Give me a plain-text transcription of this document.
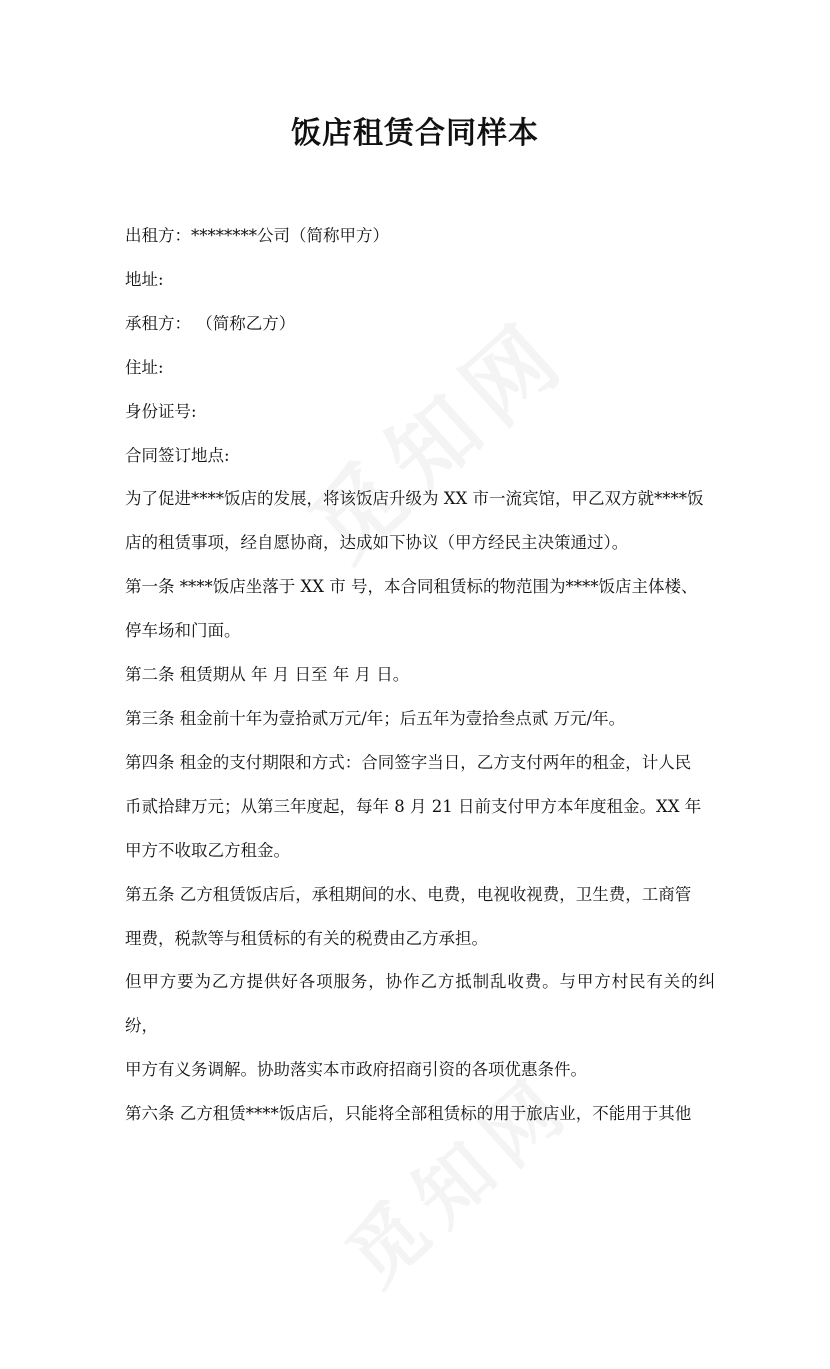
饭店租赁合同样本

出租方：********公司（简称甲方）

地址:

承租方： （简称乙方）

住址:

身份证号:

合同签订地点:

为了促进****饭店的发展，将该饭店升级为 XX 市一流宾馆，甲乙双方就****饭

店的租赁事项，经自愿协商，达成如下协议（甲方经民主决策通过）。

第一条 ****饭店坐落于 XX 市 号，本合同租赁标的物范围为****饭店主体楼、

停车场和门面。

第二条 租赁期从 年 月 日至 年 月 日。

第三条 租金前十年为壹拾贰万元/年；后五年为壹拾叁点贰 万元/年。

第四条 租金的支付期限和方式：合同签字当日，乙方支付两年的租金，计人民

币贰拾肆万元；从第三年度起，每年 8 月 21 日前支付甲方本年度租金。XX 年

甲方不收取乙方租金。

第五条 乙方租赁饭店后，承租期间的水、电费，电视收视费，卫生费，工商管

理费，税款等与租赁标的有关的税费由乙方承担。

但甲方要为乙方提供好各项服务，协作乙方抵制乱收费。与甲方村民有关的纠纷，

甲方有义务调解。协助落实本市政府招商引资的各项优惠条件。

第六条 乙方租赁****饭店后，只能将全部租赁标的用于旅店业，不能用于其他
